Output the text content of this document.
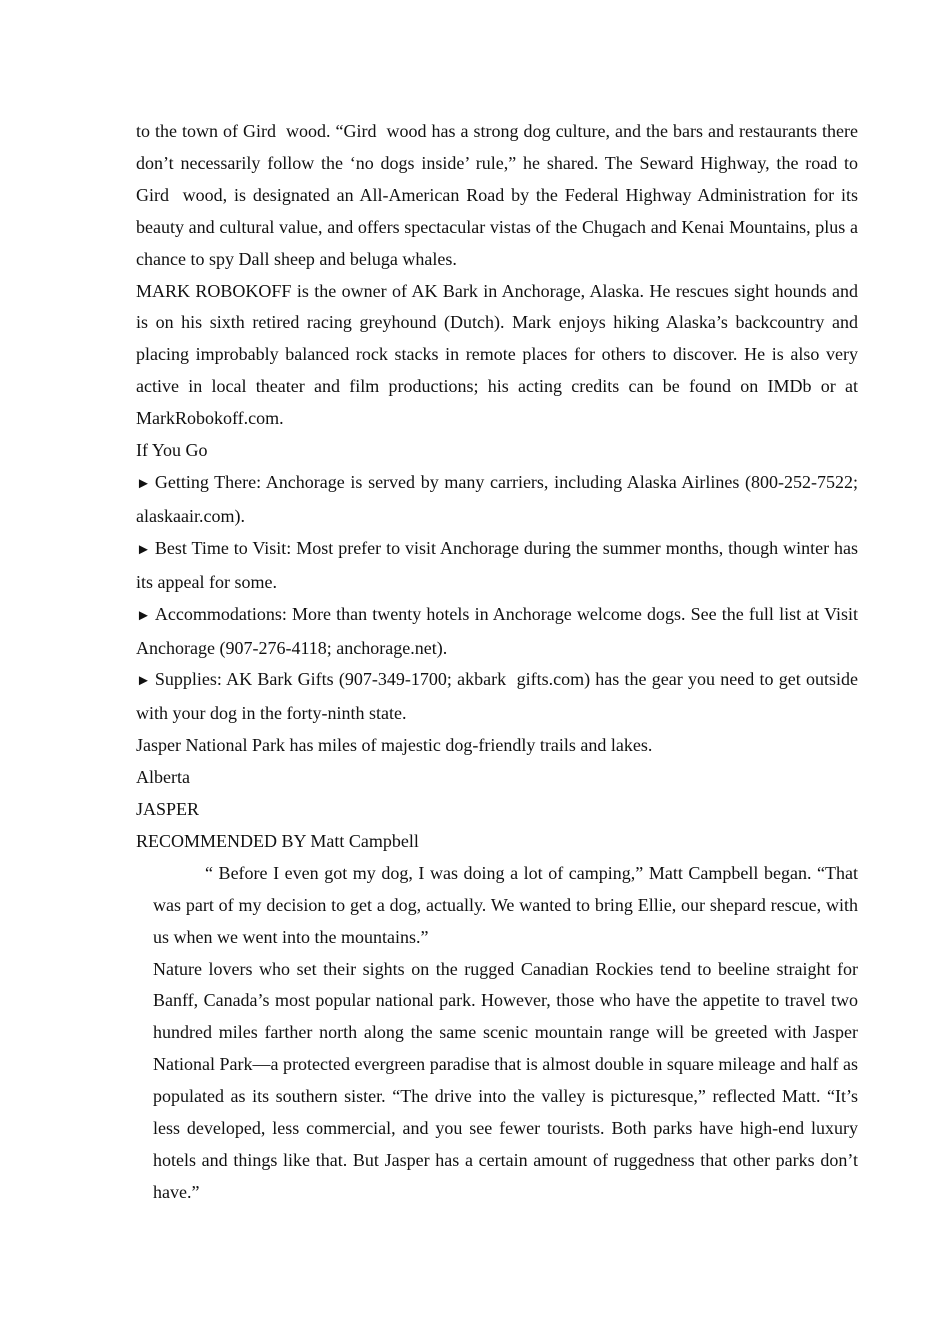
to the town of Gird  wood. “Gird  wood has a strong dog culture, and the bars and restaurants there don’t necessarily follow the ‘no dogs inside’ rule,” he shared. The Seward Highway, the road to Gird  wood, is designated an All-American Road by the Federal Highway Administration for its beauty and cultural value, and offers spectacular vistas of the Chugach and Kenai Mountains, plus a chance to spy Dall sheep and beluga whales.

MARK ROBOKOFF is the owner of AK Bark in Anchorage, Alaska. He rescues sight hounds and is on his sixth retired racing greyhound (Dutch). Mark enjoys hiking Alaska’s backcountry and placing improbably balanced rock stacks in remote places for others to discover. He is also very active in local theater and film productions; his acting credits can be found on IMDb or at MarkRobokoff.com.

If You Go

► Getting There: Anchorage is served by many carriers, including Alaska Airlines (800-252-7522; alaskaair.com).

► Best Time to Visit: Most prefer to visit Anchorage during the summer months, though winter has its appeal for some.

► Accommodations: More than twenty hotels in Anchorage welcome dogs. See the full list at Visit Anchorage (907-276-4118; anchorage.net).

► Supplies: AK Bark Gifts (907-349-1700; akbark  gifts.com) has the gear you need to get outside with your dog in the forty-ninth state.

Jasper National Park has miles of majestic dog-friendly trails and lakes.

Alberta

JASPER

RECOMMENDED BY Matt Campbell

“ Before I even got my dog, I was doing a lot of camping,” Matt Campbell began. “That was part of my decision to get a dog, actually. We wanted to bring Ellie, our shepard rescue, with us when we went into the mountains.”

Nature lovers who set their sights on the rugged Canadian Rockies tend to beeline straight for Banff, Canada’s most popular national park. However, those who have the appetite to travel two hundred miles farther north along the same scenic mountain range will be greeted with Jasper National Park—a protected evergreen paradise that is almost double in square mileage and half as populated as its southern sister. “The drive into the valley is picturesque,” reflected Matt. “It’s less developed, less commercial, and you see fewer tourists. Both parks have high-end luxury hotels and things like that. But Jasper has a certain amount of ruggedness that other parks don’t have.”
